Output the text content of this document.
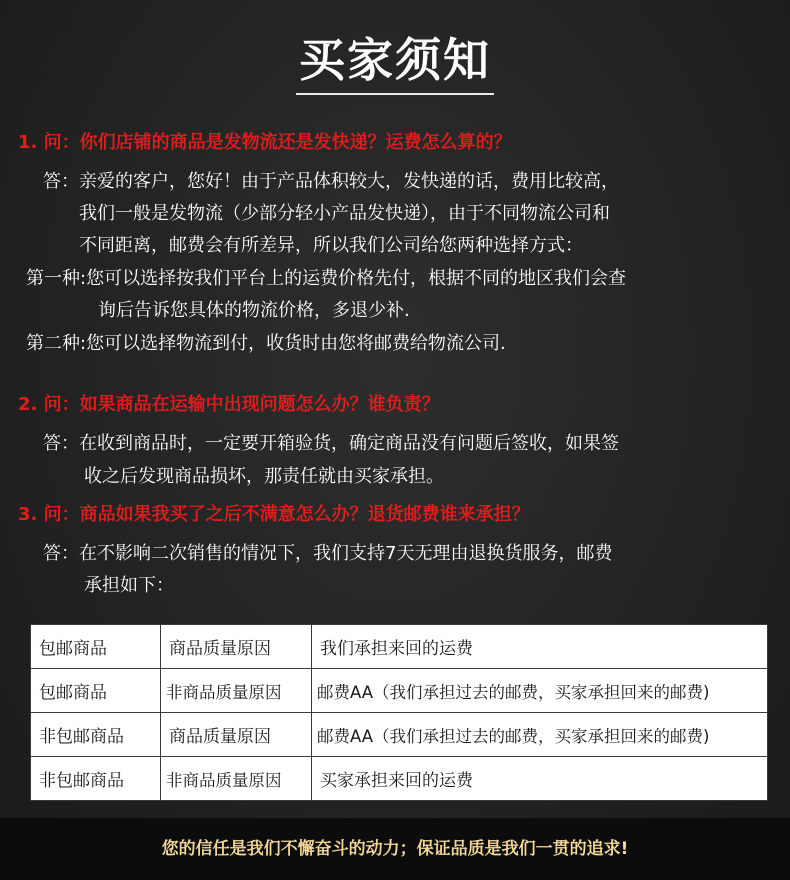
买家须知
1. 问：你们店铺的商品是发物流还是发快递？运费怎么算的？
答：亲爱的客户，您好！由于产品体积较大，发快递的话，费用比较高，
我们一般是发物流（少部分轻小产品发快递），由于不同物流公司和
不同距离，邮费会有所差异，所以我们公司给您两种选择方式：
第一种:您可以选择按我们平台上的运费价格先付，根据不同的地区我们会查
询后告诉您具体的物流价格，多退少补.
第二种:您可以选择物流到付，收货时由您将邮费给物流公司.
2. 问：如果商品在运输中出现问题怎么办？谁负责？
答：在收到商品时，一定要开箱验货，确定商品没有问题后签收，如果签
收之后发现商品损坏，那责任就由买家承担。
3. 问：商品如果我买了之后不满意怎么办？退货邮费谁来承担？
答：在不影响二次销售的情况下，我们支持7天无理由退换货服务，邮费
承担如下：
包邮商品	商品质量原因	我们承担来回的运费
包邮商品	非商品质量原因	邮费AA（我们承担过去的邮费，买家承担回来的邮费)
非包邮商品	商品质量原因	邮费AA（我们承担过去的邮费，买家承担回来的邮费)
非包邮商品	非商品质量原因	买家承担来回的运费
您的信任是我们不懈奋斗的动力；保证品质是我们一贯的追求!
